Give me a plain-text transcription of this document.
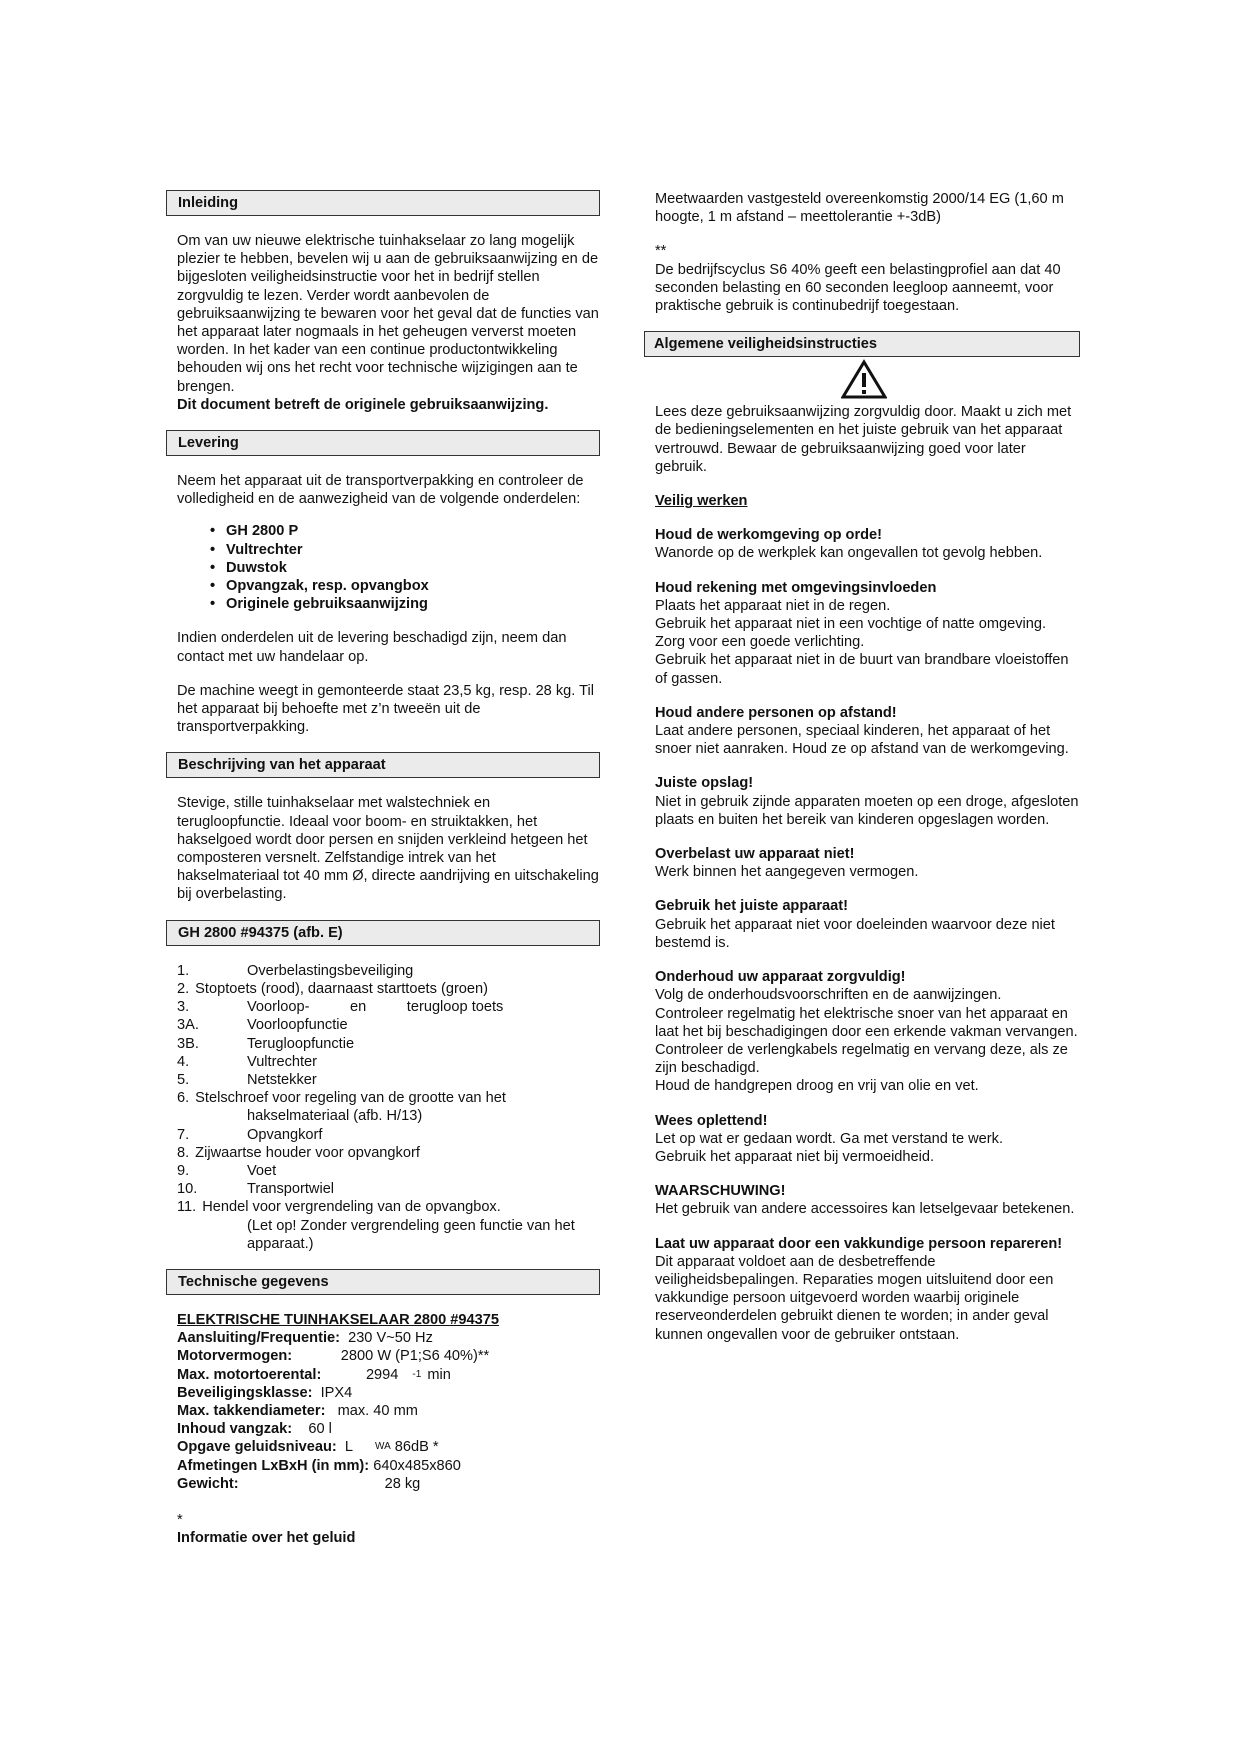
Inleiding

Om van uw nieuwe elektrische tuinhakselaar zo lang mogelijk plezier te hebben, bevelen wij u aan de gebruiksaanwijzing en de bijgesloten veiligheidsinstructie voor het in bedrijf stellen zorgvuldig te lezen. Verder wordt aanbevolen de gebruiksaanwijzing te bewaren voor het geval dat de functies van het apparaat later nogmaals in het geheugen ververst moeten worden. In het kader van een continue productontwikkeling behouden wij ons het recht voor technische wijzigingen aan te brengen.

Dit document betreft de originele gebruiksaanwijzing.

Levering

Neem het apparaat uit de transportverpakking en controleer de volledigheid en de aanwezigheid van de volgende onderdelen:

• GH 2800 P
• Vultrechter
• Duwstok
• Opvangzak, resp. opvangbox
• Originele gebruiksaanwijzing

Indien onderdelen uit de levering beschadigd zijn, neem dan contact met uw handelaar op.

De machine weegt in gemonteerde staat 23,5 kg, resp. 28 kg. Til het apparaat bij behoefte met z’n tweeën uit de transportverpakking.

Beschrijving van het apparaat

Stevige, stille tuinhakselaar met walstechniek en terugloopfunctie. Ideaal voor boom- en struiktakken, het hakselgoed wordt door persen en snijden verkleind hetgeen het composteren versnelt. Zelfstandige intrek van het hakselmateriaal tot 40 mm Ø, directe aandrijving en uitschakeling bij overbelasting.

GH 2800 #94375 (afb. E)
1.	Overbelastingsbeveiliging
2. Stoptoets (rood), daarnaast starttoets (groen)
3.	Voorloop-          en          terugloop toets
3A.	Voorloopfunctie
3B.	Terugloopfunctie
4.	Vultrechter
5.	Netstekker
6. Stelschroef voor regeling van de grootte van het
hakselmateriaal (afb. H/13)
7.	Opvangkorf
8. Zijwaartse houder voor opvangkorf
9.	Voet
10.	Transportwiel
11. Hendel voor vergrendeling van de opvangbox.
(Let op! Zonder vergrendeling geen functie van het apparaat.)
Technische gegevens
ELEKTRISCHE TUINHAKSELAAR 2800 #94375
Aansluiting/Frequentie: 230 V~50 Hz
Motorvermogen: 2800 W (P1;S6 40%)**
Max. motortoerental: 2994 -1 min
Beveiligingsklasse: IPX4
Max. takkendiameter: max. 40 mm
Inhoud vangzak: 60 l
Opgave geluidsniveau: L WA 86dB *
Afmetingen LxBxH (in mm): 640x485x860
Gewicht: 28 kg
*
Informatie over het geluid

Meetwaarden vastgesteld overeenkomstig 2000/14 EG (1,60 m hoogte, 1 m afstand – meettolerantie +-3dB)

**

De bedrijfscyclus S6 40% geeft een belastingprofiel aan dat 40 seconden belasting en 60 seconden leegloop aanneemt, voor praktische gebruik is continubedrijf toegestaan.

Algemene veiligheidsinstructies

Lees deze gebruiksaanwijzing zorgvuldig door. Maakt u zich met de bedieningselementen en het juiste gebruik van het apparaat vertrouwd. Bewaar de gebruiksaanwijzing goed voor later gebruik.

Veilig werken
Houd de werkomgeving op orde!
Wanorde op de werkplek kan ongevallen tot gevolg hebben.
Houd rekening met omgevingsinvloeden
Plaats het apparaat niet in de regen.
Gebruik het apparaat niet in een vochtige of natte omgeving. Zorg voor een goede verlichting.
Gebruik het apparaat niet in de buurt van brandbare vloeistoffen of gassen.
Houd andere personen op afstand!
Laat andere personen, speciaal kinderen, het apparaat of het snoer niet aanraken. Houd ze op afstand van de werkomgeving.
Juiste opslag!
Niet in gebruik zijnde apparaten moeten op een droge, afgesloten plaats en buiten het bereik van kinderen opgeslagen worden.
Overbelast uw apparaat niet!
Werk binnen het aangegeven vermogen.
Gebruik het juiste apparaat!
Gebruik het apparaat niet voor doeleinden waarvoor deze niet bestemd is.
Onderhoud uw apparaat zorgvuldig!
Volg de onderhoudsvoorschriften en de aanwijzingen.
Controleer regelmatig het elektrische snoer van het apparaat en laat het bij beschadigingen door een erkende vakman vervangen.
Controleer de verlengkabels regelmatig en vervang deze, als ze zijn beschadigd.
Houd de handgrepen droog en vrij van olie en vet.
Wees oplettend!
Let op wat er gedaan wordt. Ga met verstand te werk.
Gebruik het apparaat niet bij vermoeidheid.
WAARSCHUWING!
Het gebruik van andere accessoires kan letselgevaar betekenen.
Laat uw apparaat door een vakkundige persoon repareren!
Dit apparaat voldoet aan de desbetreffende veiligheidsbepalingen. Reparaties mogen uitsluitend door een vakkundige persoon uitgevoerd worden waarbij originele reserveonderdelen gebruikt dienen te worden; in ander geval kunnen ongevallen voor de gebruiker ontstaan.
